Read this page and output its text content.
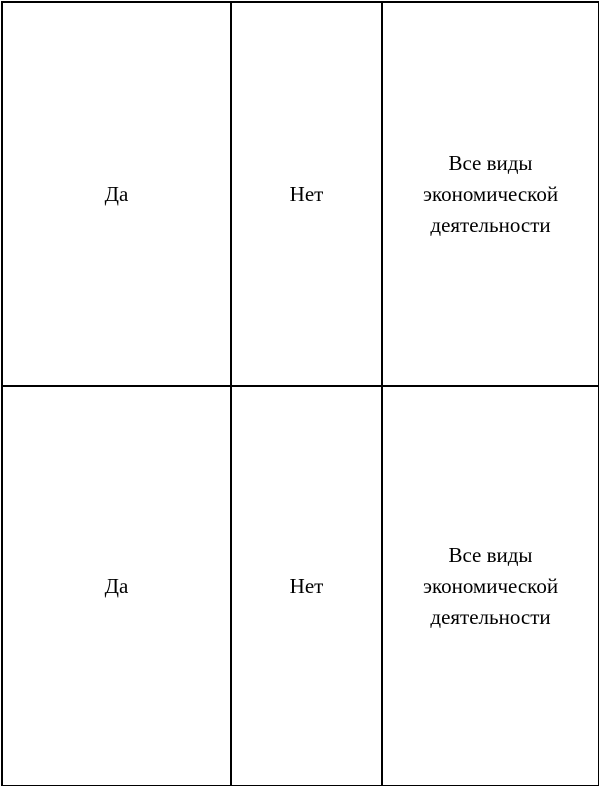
Да	Нет	Все виды экономической деятельности
Да	Нет	Все виды экономической деятельности
